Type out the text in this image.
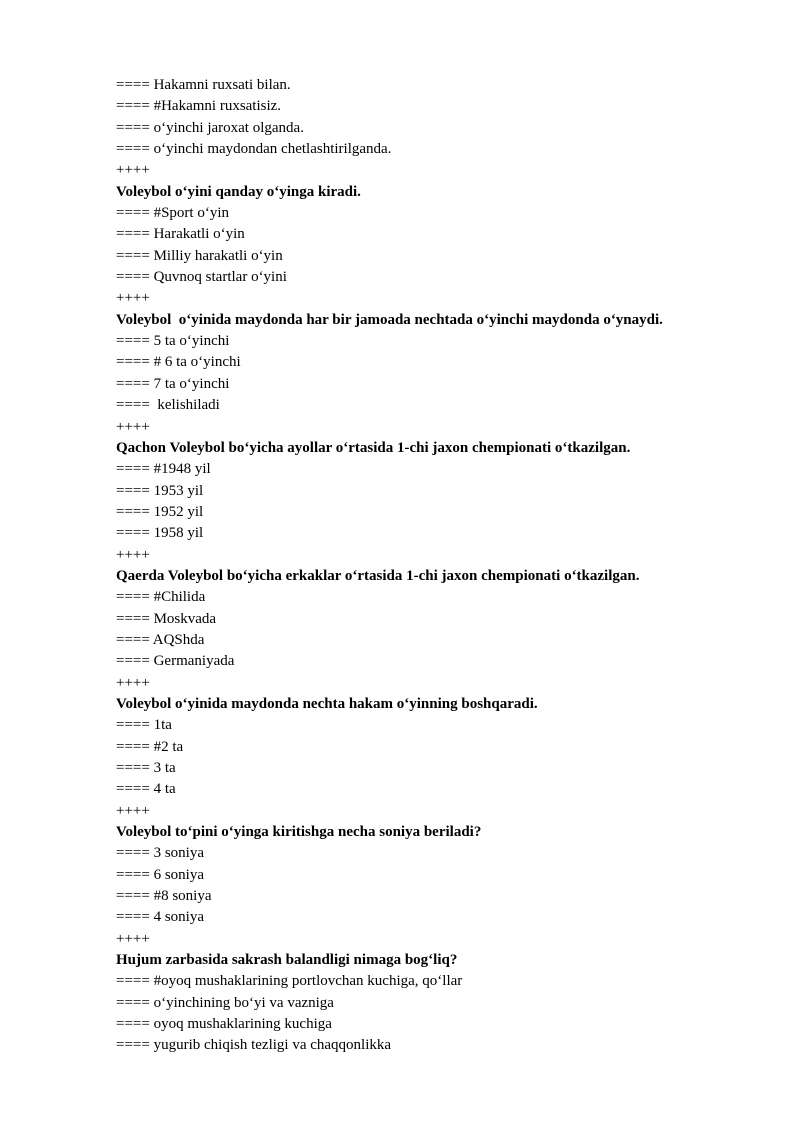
==== Hakamni ruxsati bilan.
==== #Hakamni ruxsatisiz.
==== o‘yinchi jaroxat olganda.
==== o‘yinchi maydondan chetlashtirilganda.
++++
Voleybol o‘yini qanday o‘yinga kiradi.
==== #Sport o‘yin
==== Harakatli o‘yin
==== Milliy harakatli o‘yin
==== Quvnoq startlar o‘yini
++++
Voleybol  o‘yinida maydonda har bir jamoada nechtada o‘yinchi maydonda o‘ynaydi.
==== 5 ta o‘yinchi
==== # 6 ta o‘yinchi
==== 7 ta o‘yinchi
====  kelishiladi
++++
Qachon Voleybol bo‘yicha ayollar o‘rtasida 1-chi jaxon chempionati o‘tkazilgan.
==== #1948 yil
==== 1953 yil
==== 1952 yil
==== 1958 yil
++++
Qaerda Voleybol bo‘yicha erkaklar o‘rtasida 1-chi jaxon chempionati o‘tkazilgan.
==== #Chilida
==== Moskvada
==== AQShda
==== Germaniyada
++++
Voleybol o‘yinida maydonda nechta hakam o‘yinning boshqaradi.
==== 1ta
==== #2 ta
==== 3 ta
==== 4 ta
++++
Voleybol to‘pini o‘yinga kiritishga necha soniya beriladi?
==== 3 soniya
==== 6 soniya
==== #8 soniya
==== 4 soniya
++++
Hujum zarbasida sakrash balandligi nimaga bog‘liq?
==== #oyoq mushaklarining portlovchan kuchiga, qo‘llar
==== o‘yinchining bo‘yi va vazniga
==== oyoq mushaklarining kuchiga
==== yugurib chiqish tezligi va chaqqonlikka
